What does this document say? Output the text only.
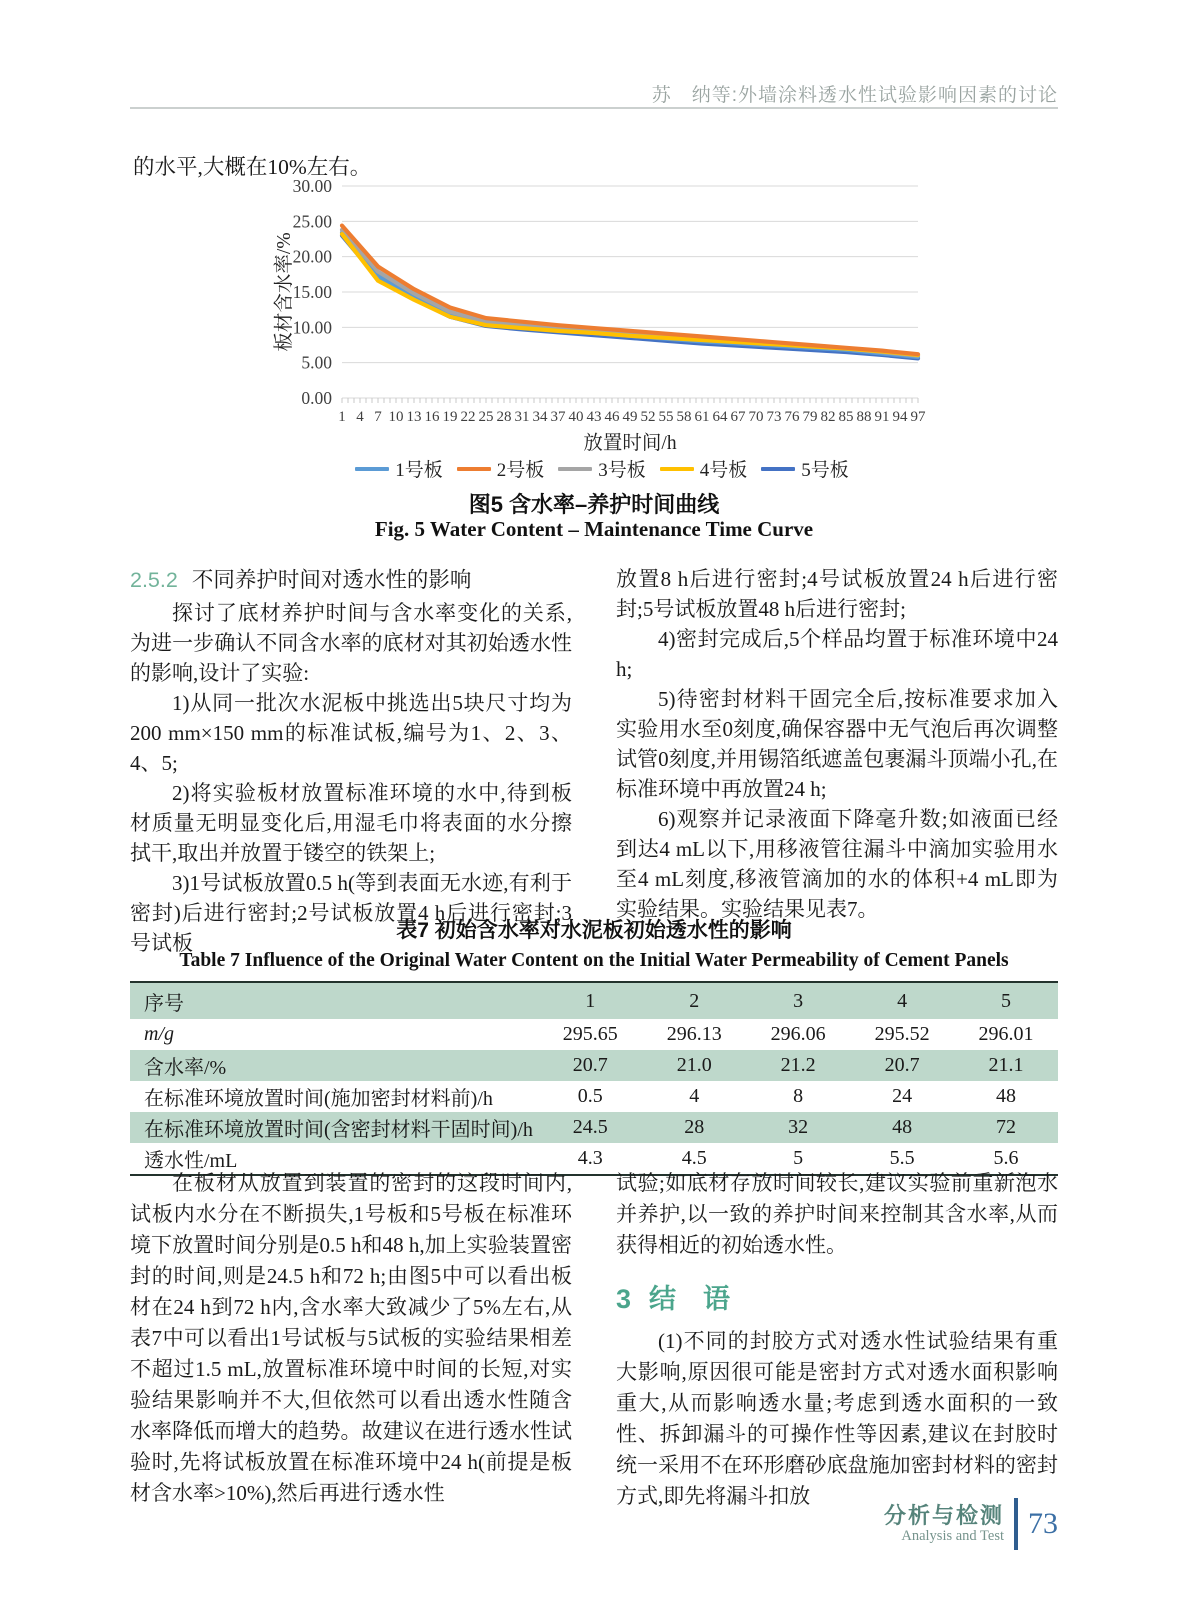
苏　纳等:外墙涂料透水性试验影响因素的讨论

的水平,大概在10%左右。

0.00
5.00
10.00
15.00
20.00
25.00
30.00
1 4 7 10 13 16 19 22 25 28 31 34 37 40 43 46 49 52 55 58 61 64 67 70 73 76 79 82 85 88 91 94 97
放置时间/h
板材含水率/%
1号板	2号板	3号板	4号板	5号板
图5 含水率–养护时间曲线
Fig. 5 Water Content – Maintenance Time Curve
2.5.2 不同养护时间对透水性的影响

探讨了底材养护时间与含水率变化的关系,为进一步确认不同含水率的底材对其初始透水性的影响,设计了实验:

1)从同一批次水泥板中挑选出5块尺寸均为200 mm×150 mm的标准试板,编号为1、2、3、4、5;

2)将实验板材放置标准环境的水中,待到板材质量无明显变化后,用湿毛巾将表面的水分擦拭干,取出并放置于镂空的铁架上;

3)1号试板放置0.5 h(等到表面无水迹,有利于密封)后进行密封;2号试板放置4 h后进行密封;3号试板

放置8 h后进行密封;4号试板放置24 h后进行密封;5号试板放置48 h后进行密封;

4)密封完成后,5个样品均置于标准环境中24 h;

5)待密封材料干固完全后,按标准要求加入实验用水至0刻度,确保容器中无气泡后再次调整试管0刻度,并用锡箔纸遮盖包裹漏斗顶端小孔,在标准环境中再放置24 h;

6)观察并记录液面下降毫升数;如液面已经到达4 mL以下,用移液管往漏斗中滴加实验用水至4 mL刻度,移液管滴加的水的体积+4 mL即为实验结果。实验结果见表7。

表7 初始含水率对水泥板初始透水性的影响

Table 7 Influence of the Original Water Content on the Initial Water Permeability of Cement Panels

序号	1	2	3	4	5
m/g	295.65	296.13	296.06	295.52	296.01
含水率/%	20.7	21.0	21.2	20.7	21.1
在标准环境放置时间(施加密封材料前)/h	0.5	4	8	24	48
在标准环境放置时间(含密封材料干固时间)/h	24.5	28	32	48	72
透水性/mL	4.3	4.5	5	5.5	5.6

在板材从放置到装置的密封的这段时间内,试板内水分在不断损失,1号板和5号板在标准环境下放置时间分别是0.5 h和48 h,加上实验装置密封的时间,则是24.5 h和72 h;由图5中可以看出板材在24 h到72 h内,含水率大致减少了5%左右,从表7中可以看出1号试板与5试板的实验结果相差不超过1.5 mL,放置标准环境中时间的长短,对实验结果影响并不大,但依然可以看出透水性随含水率降低而增大的趋势。故建议在进行透水性试验时,先将试板放置在标准环境中24 h(前提是板材含水率>10%),然后再进行透水性

试验;如底材存放时间较长,建议实验前重新泡水并养护,以一致的养护时间来控制其含水率,从而获得相近的初始透水性。

3 结　语

(1)不同的封胶方式对透水性试验结果有重大影响,原因很可能是密封方式对透水面积影响重大,从而影响透水量;考虑到透水面积的一致性、拆卸漏斗的可操作性等因素,建议在封胶时统一采用不在环形磨砂底盘施加密封材料的密封方式,即先将漏斗扣放

分析与检测
Analysis and Test 73
